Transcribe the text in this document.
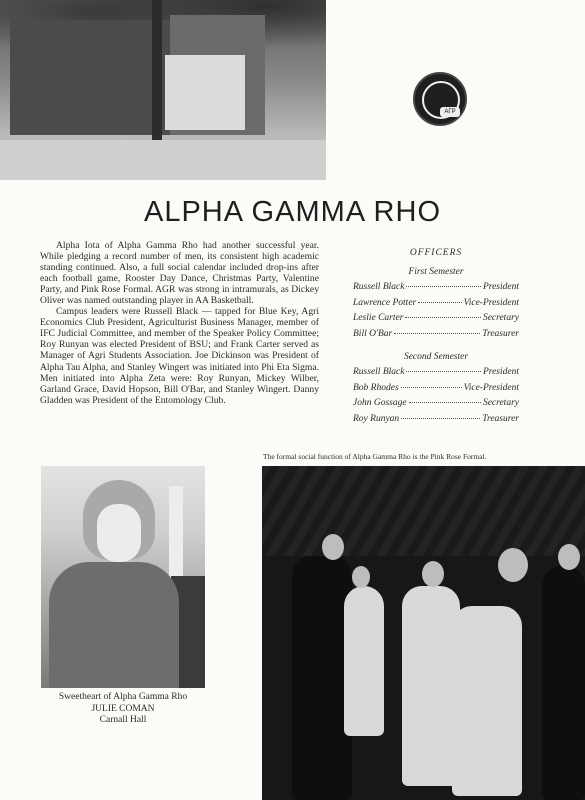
ΑΓΡ
ALPHA GAMMA RHO

Alpha Iota of Alpha Gamma Rho had another successful year. While pledging a record number of men, its consistent high academic standing continued. Also, a full social calendar included drop-ins after each football game, Rooster Day Dance, Christmas Party, Valentine Party, and Pink Rose Formal. AGR was strong in intramurals, as Dickey Oliver was named outstanding player in AA Basketball.

Campus leaders were Russell Black — tapped for Blue Key, Agri Economics Club President, Agriculturist Business Manager, member of IFC Judicial Committee, and member of the Speaker Policy Committee; Roy Runyan was elected President of BSU; and Frank Carter served as Manager of Agri Students Association. Joe Dickinson was President of Alpha Tau Alpha, and Stanley Wingert was initiated into Phi Eta Sigma. Men initiated into Alpha Zeta were: Roy Runyan, Mickey Wilber, Garland Grace, David Hopson, Bill O'Bar, and Stanley Wingert. Danny Gladden was President of the Entomology Club.

OFFICERS
First Semester
Russell Black	President
Lawrence Potter	Vice-President
Leslie Carter	Secretary
Bill O'Bar	Treasurer
Second Semester
Russell Black	President
Bob Rhodes	Vice-President
John Gossage	Secretary
Roy Runyan	Treasurer

The formal social function of Alpha Gamma Rho is the Pink Rose Formal.

Sweetheart of Alpha Gamma Rho
JULIE COMAN
Carnall Hall
